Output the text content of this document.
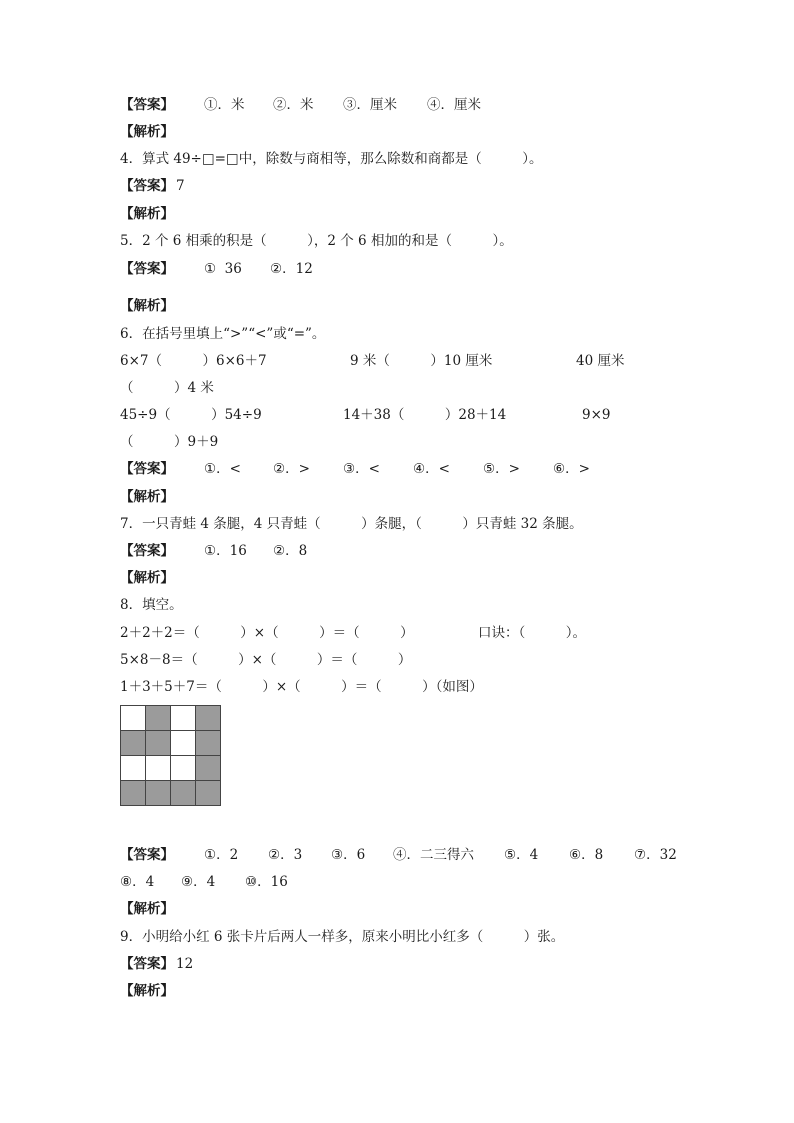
【答案】 ①．米 ②．米 ③．厘米 ④．厘米
【解析】
4．算式 49÷□=□中，除数与商相等，那么除数和商都是（　　　）。
【答案】 7
【解析】
5．2 个 6 相乘的积是（　　　），2 个 6 相加的和是（　　　）。
【答案】 ①  36 ②．12
【解析】
6．在括号里填上“>”“<”或“=”。
6×7（　　　）6×6＋7	9 米（　　　）10 厘米	40 厘米
（　　　）4 米
45÷9（　　　）54÷9	14＋38（　　　）28＋14	9×9
（　　　）9＋9
【答案】 ①．< ②．> ③．< ④．< ⑤．> ⑥．>
【解析】
7．一只青蛙 4 条腿，4 只青蛙（　　　）条腿，（　　　）只青蛙 32 条腿。
【答案】 ①．16 ②．8
【解析】
8．填空。
2＋2＋2＝（　　　）×（　　　）＝（　　　）	口诀：（　　　）。
5×8－8＝（　　　）×（　　　）＝（　　　）
1＋3＋5＋7＝（　　　）×（　　　）＝（　　　）（如图）
【答案】 ①．2 ②．3 ③．6 ④．二三得六 ⑤．4 ⑥．8 ⑦．32
⑧．4 ⑨．4 ⑩．16
【解析】
9．小明给小红 6 张卡片后两人一样多，原来小明比小红多（　　　）张。
【答案】 12
【解析】
